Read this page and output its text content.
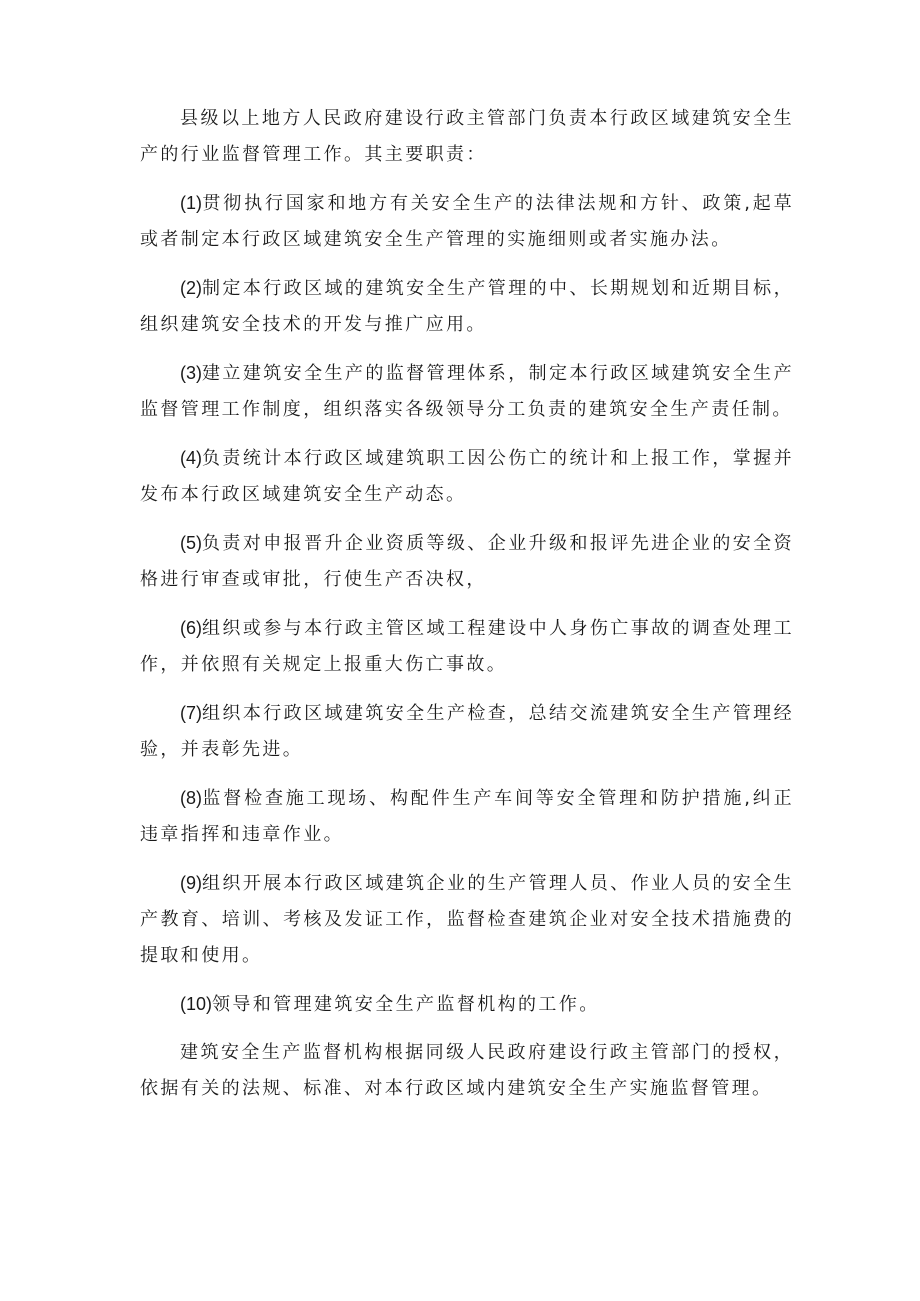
县级以上地方人民政府建设行政主管部门负责本行政区域建筑安全生产的行业监督管理工作。其主要职责：

(1)贯彻执行国家和地方有关安全生产的法律法规和方针、政策,起草或者制定本行政区域建筑安全生产管理的实施细则或者实施办法。

(2)制定本行政区域的建筑安全生产管理的中、长期规划和近期目标，组织建筑安全技术的开发与推广应用。

(3)建立建筑安全生产的监督管理体系，制定本行政区域建筑安全生产监督管理工作制度，组织落实各级领导分工负责的建筑安全生产责任制。

(4)负责统计本行政区域建筑职工因公伤亡的统计和上报工作，掌握并发布本行政区域建筑安全生产动态。

(5)负责对申报晋升企业资质等级、企业升级和报评先进企业的安全资格进行审查或审批，行使生产否决权，

(6)组织或参与本行政主管区域工程建设中人身伤亡事故的调查处理工作，并依照有关规定上报重大伤亡事故。

(7)组织本行政区域建筑安全生产检查，总结交流建筑安全生产管理经验，并表彰先进。

(8)监督检查施工现场、构配件生产车间等安全管理和防护措施,纠正违章指挥和违章作业。

(9)组织开展本行政区域建筑企业的生产管理人员、作业人员的安全生产教育、培训、考核及发证工作，监督检查建筑企业对安全技术措施费的提取和使用。

(10)领导和管理建筑安全生产监督机构的工作。

建筑安全生产监督机构根据同级人民政府建设行政主管部门的授权，依据有关的法规、标准、对本行政区域内建筑安全生产实施监督管理。
